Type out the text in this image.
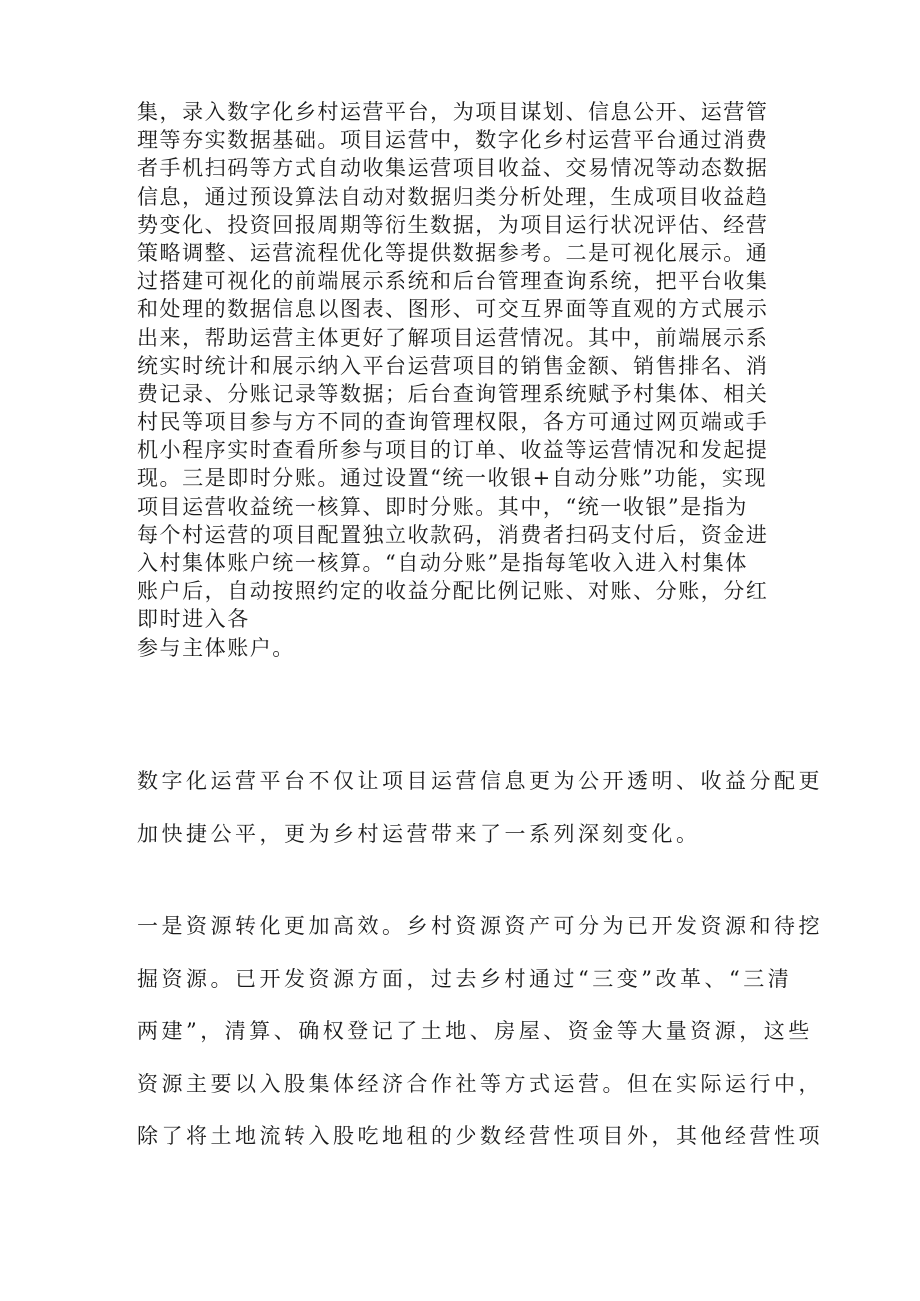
集，录入数字化乡村运营平台，为项目谋划、信息公开、运营管
理等夯实数据基础。项目运营中，数字化乡村运营平台通过消费
者手机扫码等方式自动收集运营项目收益、交易情况等动态数据
信息，通过预设算法自动对数据归类分析处理，生成项目收益趋
势变化、投资回报周期等衍生数据，为项目运行状况评估、经营
策略调整、运营流程优化等提供数据参考。二是可视化展示。通
过搭建可视化的前端展示系统和后台管理查询系统，把平台收集
和处理的数据信息以图表、图形、可交互界面等直观的方式展示
出来，帮助运营主体更好了解项目运营情况。其中，前端展示系
统实时统计和展示纳入平台运营项目的销售金额、销售排名、消
费记录、分账记录等数据；后台查询管理系统赋予村集体、相关
村民等项目参与方不同的查询管理权限，各方可通过网页端或手
机小程序实时查看所参与项目的订单、收益等运营情况和发起提
现。三是即时分账。通过设置“统一收银+自动分账”功能，实现
项目运营收益统一核算、即时分账。其中，“统一收银”是指为
每个村运营的项目配置独立收款码，消费者扫码支付后，资金进
入村集体账户统一核算。“自动分账”是指每笔收入进入村集体
账户后，自动按照约定的收益分配比例记账、对账、分账，分红
即时进入各
参与主体账户。
数字化运营平台不仅让项目运营信息更为公开透明、收益分配更
加快捷公平，更为乡村运营带来了一系列深刻变化。
一是资源转化更加高效。乡村资源资产可分为已开发资源和待挖
掘资源。已开发资源方面，过去乡村通过“三变”改革、“三清
两建”，清算、确权登记了土地、房屋、资金等大量资源，这些
资源主要以入股集体经济合作社等方式运营。但在实际运行中，
除了将土地流转入股吃地租的少数经营性项目外，其他经营性项
